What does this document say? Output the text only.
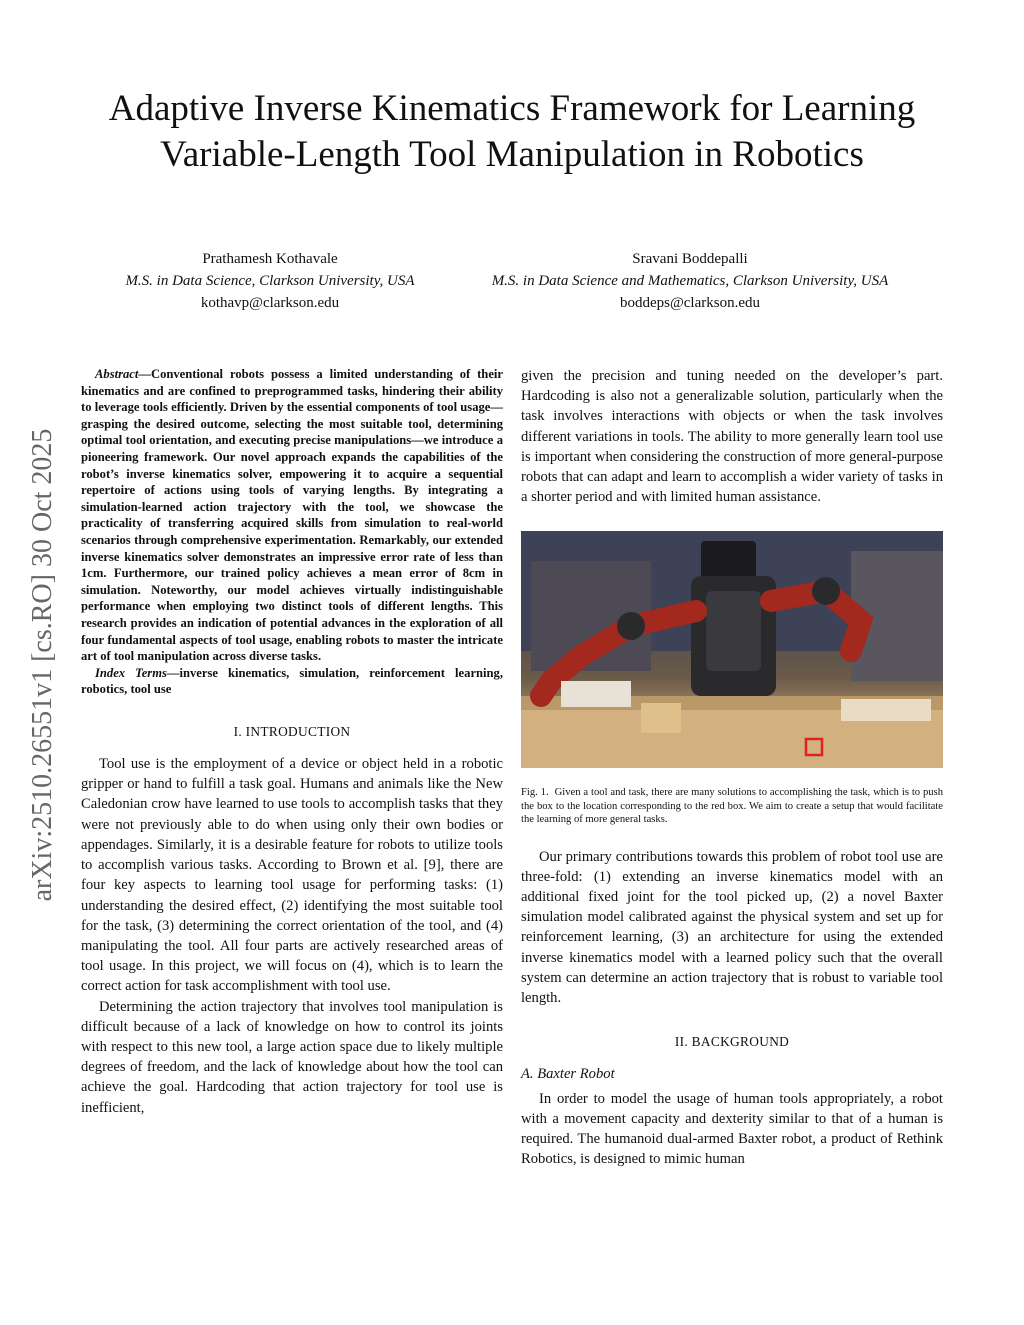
arXiv:2510.26551v1 [cs.RO] 30 Oct 2025
Adaptive Inverse Kinematics Framework for Learning Variable-Length Tool Manipulation in Robotics
Prathamesh Kothavale
M.S. in Data Science, Clarkson University, USA
kothavp@clarkson.edu
Sravani Boddepalli
M.S. in Data Science and Mathematics, Clarkson University, USA
boddeps@clarkson.edu

Abstract—Conventional robots possess a limited understanding of their kinematics and are confined to preprogrammed tasks, hindering their ability to leverage tools efficiently. Driven by the essential components of tool usage—grasping the desired outcome, selecting the most suitable tool, determining optimal tool orientation, and executing precise manipulations—we introduce a pioneering framework. Our novel approach expands the capabilities of the robot’s inverse kinematics solver, empowering it to acquire a sequential repertoire of actions using tools of varying lengths. By integrating a simulation-learned action trajectory with the tool, we showcase the practicality of transferring acquired skills from simulation to real-world scenarios through comprehensive experimentation. Remarkably, our extended inverse kinematics solver demonstrates an impressive error rate of less than 1cm. Furthermore, our trained policy achieves a mean error of 8cm in simulation. Noteworthy, our model achieves virtually indistinguishable performance when employing two distinct tools of different lengths. This research provides an indication of potential advances in the exploration of all four fundamental aspects of tool usage, enabling robots to master the intricate art of tool manipulation across diverse tasks.

Index Terms—inverse kinematics, simulation, reinforcement learning, robotics, tool use

I. INTRODUCTION

Tool use is the employment of a device or object held in a robotic gripper or hand to fulfill a task goal. Humans and animals like the New Caledonian crow have learned to use tools to accomplish tasks that they were not previously able to do when using only their own bodies or appendages. Similarly, it is a desirable feature for robots to utilize tools to accomplish various tasks. According to Brown et al. [9], there are four key aspects to learning tool usage for performing tasks: (1) understanding the desired effect, (2) identifying the most suitable tool for the task, (3) determining the correct orientation of the tool, and (4) manipulating the tool. All four parts are actively researched areas of tool usage. In this project, we will focus on (4), which is to learn the correct action for task accomplishment with tool use.

Determining the action trajectory that involves tool manipulation is difficult because of a lack of knowledge on how to control its joints with respect to this new tool, a large action space due to likely multiple degrees of freedom, and the lack of knowledge about how the tool can achieve the goal. Hardcoding that action trajectory for tool use is inefficient,

given the precision and tuning needed on the developer’s part. Hardcoding is also not a generalizable solution, particularly when the task involves interactions with objects or when the task involves different variations in tools. The ability to more generally learn tool use is important when considering the construction of more general-purpose robots that can adapt and learn to accomplish a wider variety of tasks in a shorter period and with limited human assistance.

Fig. 1. Given a tool and task, there are many solutions to accomplishing the task, which is to push the box to the location corresponding to the red box. We aim to create a setup that would facilitate the learning of more general tasks.

Our primary contributions towards this problem of robot tool use are three-fold: (1) extending an inverse kinematics model with an additional fixed joint for the tool picked up, (2) a novel Baxter simulation model calibrated against the physical system and set up for reinforcement learning, (3) an architecture for using the extended inverse kinematics model with a learned policy such that the overall system can determine an action trajectory that is robust to variable tool length.

II. BACKGROUND
A. Baxter Robot

In order to model the usage of human tools appropriately, a robot with a movement capacity and dexterity similar to that of a human is required. The humanoid dual-armed Baxter robot, a product of Rethink Robotics, is designed to mimic human
